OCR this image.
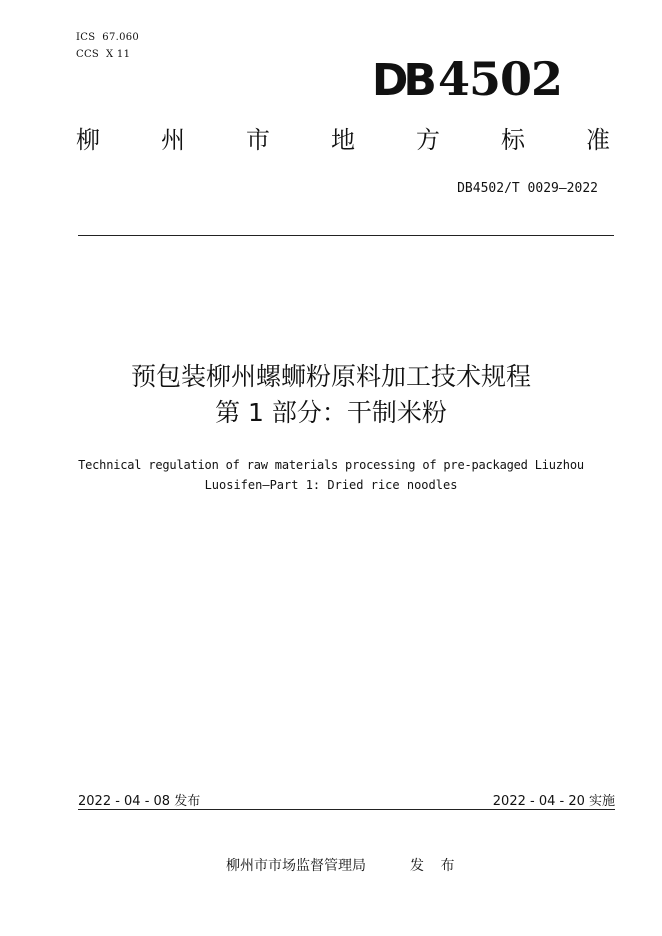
ICS  67.060
CCS  X 11
DB 4502
柳	州	市	地	方	标	准
DB4502/T 0029—2022
预包装柳州螺蛳粉原料加工技术规程
第 1 部分：干制米粉
Technical regulation of raw materials processing of pre-packaged Liuzhou
Luosifen—Part 1: Dried rice noodles
2022 - 04 - 08 发布	2022 - 04 - 20 实施
柳州市市场监督管理局	发 布
